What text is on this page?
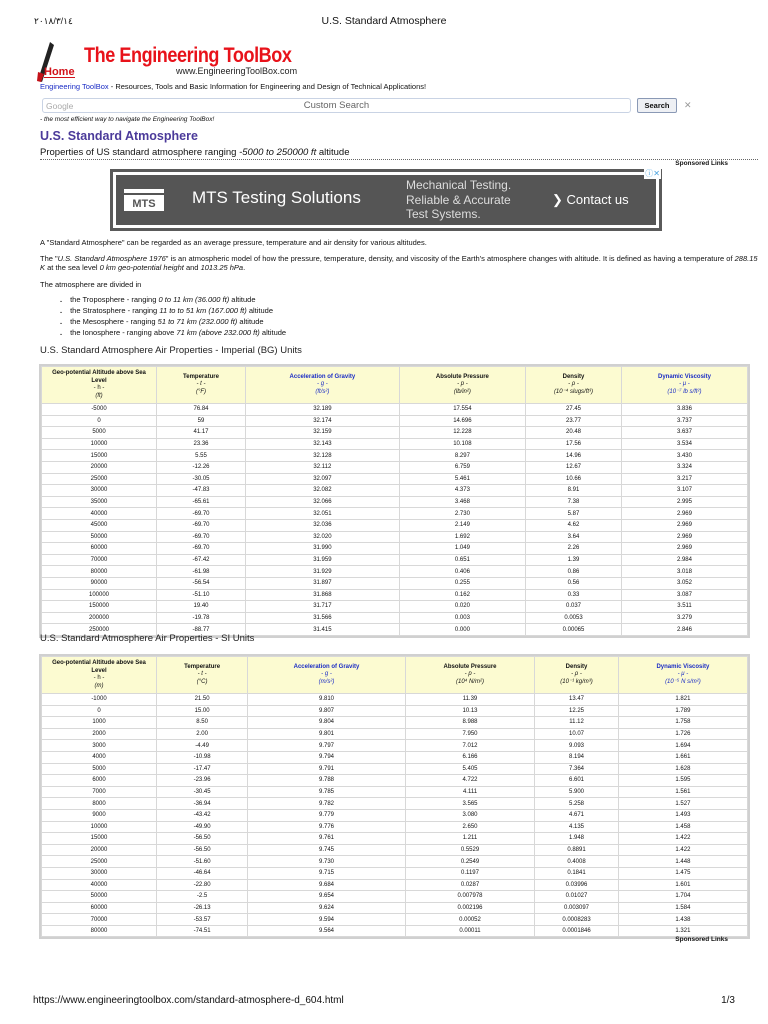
٢٠١٨/٣/١٤	U.S. Standard Atmosphere
The Engineering ToolBox
Home	www.EngineeringToolBox.com
Engineering ToolBox - Resources, Tools and Basic Information for Engineering and Design of Technical Applications!
Google	Custom Search	Search	✕
- the most efficient way to navigate the Engineering ToolBox!
U.S. Standard Atmosphere
Properties of US standard atmosphere ranging -5000 to 250000 ft altitude
Sponsored Links
MTS MTS Testing Solutions
Mechanical Testing.
Reliable & Accurate
Test Systems.
❯ Contact us
ⓘ✕

A "Standard Atmosphere" can be regarded as an average pressure, temperature and air density for various altitudes.

The "U.S. Standard Atmosphere 1976" is an atmospheric model of how the pressure, temperature, density, and viscosity of the Earth's atmosphere changes with altitude. It is defined as having a temperature of 288.15 K at the sea level 0 km geo-potential height and 1013.25 hPa.

The atmosphere are divided in

. the Troposphere - ranging 0 to 11 km (36.000 ft) altitude
. the Stratosphere - ranging 11 to to 51 km (167.000 ft) altitude
. the Mesosphere - ranging 51 to 71 km (232.000 ft) altitude
. the Ionosphere - ranging above 71 km (above 232.000 ft) altitude
U.S. Standard Atmosphere Air Properties - Imperial (BG) Units
Geo-potential Altitude above Sea Level
- h -
(ft)

Temperature
- t -
(°F)

Acceleration of Gravity
- g -
(ft/s²)

Absolute Pressure
- p -
(lb/in²)

Density
- ρ -
(10⁻⁴ slugs/ft³)

Dynamic Viscosity
- μ -
(10⁻⁷ lb s/ft²)

-5000	76.84	32.189	17.554	27.45	3.836
0	59	32.174	14.696	23.77	3.737
5000	41.17	32.159	12.228	20.48	3.637
10000	23.36	32.143	10.108	17.56	3.534
15000	5.55	32.128	8.297	14.96	3.430
20000	-12.26	32.112	6.759	12.67	3.324
25000	-30.05	32.097	5.461	10.66	3.217
30000	-47.83	32.082	4.373	8.91	3.107
35000	-65.61	32.066	3.468	7.38	2.995
40000	-69.70	32.051	2.730	5.87	2.969
45000	-69.70	32.036	2.149	4.62	2.969
50000	-69.70	32.020	1.692	3.64	2.969
60000	-69.70	31.990	1.049	2.26	2.969
70000	-67.42	31.959	0.651	1.39	2.984
80000	-61.98	31.929	0.406	0.86	3.018
90000	-56.54	31.897	0.255	0.56	3.052
100000	-51.10	31.868	0.162	0.33	3.087
150000	19.40	31.717	0.020	0.037	3.511
200000	-19.78	31.566	0.003	0.0053	3.279
250000	-88.77	31.415	0.000	0.00065	2.846
U.S. Standard Atmosphere Air Properties - SI Units
Geo-potential Altitude above Sea Level
- h -
(m)

Temperature
- t -
(°C)

Acceleration of Gravity
- g -
(m/s²)

Absolute Pressure
- p -
(10⁴ N/m²)

Density
- ρ -
(10⁻¹ kg/m³)

Dynamic Viscosity
- μ -
(10⁻⁵ N s/m²)

-1000	21.50	9.810	11.39	13.47	1.821
0	15.00	9.807	10.13	12.25	1.789
1000	8.50	9.804	8.988	11.12	1.758
2000	2.00	9.801	7.950	10.07	1.726
3000	-4.49	9.797	7.012	9.093	1.694
4000	-10.98	9.794	6.166	8.194	1.661
5000	-17.47	9.791	5.405	7.364	1.628
6000	-23.96	9.788	4.722	6.601	1.595
7000	-30.45	9.785	4.111	5.900	1.561
8000	-36.94	9.782	3.565	5.258	1.527
9000	-43.42	9.779	3.080	4.671	1.493
10000	-49.90	9.776	2.650	4.135	1.458
15000	-56.50	9.761	1.211	1.948	1.422
20000	-56.50	9.745	0.5529	0.8891	1.422
25000	-51.60	9.730	0.2549	0.4008	1.448
30000	-46.64	9.715	0.1197	0.1841	1.475
40000	-22.80	9.684	0.0287	0.03996	1.601
50000	-2.5	9.654	0.007978	0.01027	1.704
60000	-26.13	9.624	0.002196	0.003097	1.584
70000	-53.57	9.594	0.00052	0.0008283	1.438
80000	-74.51	9.564	0.00011	0.0001846	1.321
Sponsored Links
https://www.engineeringtoolbox.com/standard-atmosphere-d_604.html	1/3
